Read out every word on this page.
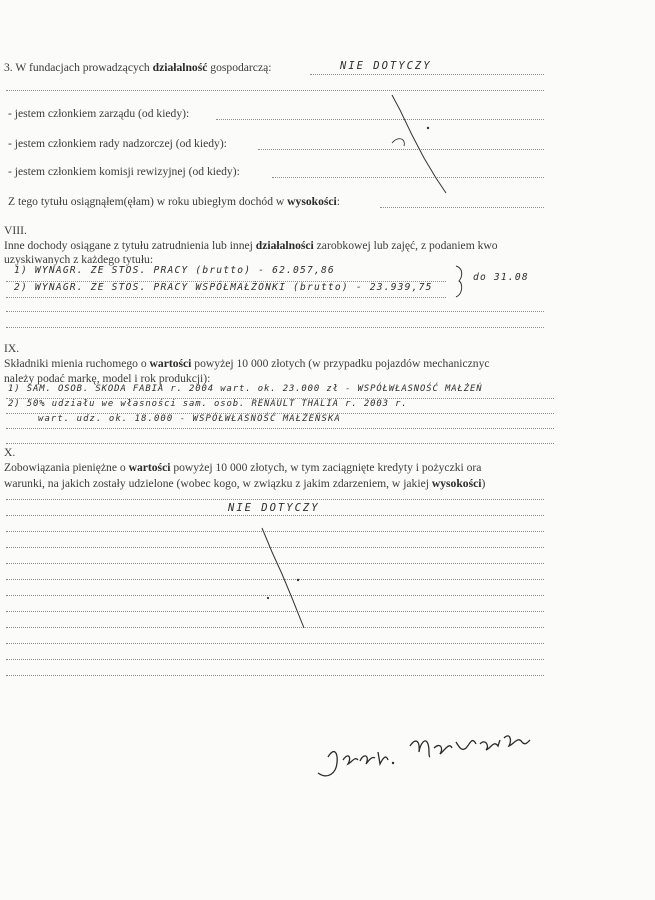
3. W fundacjach prowadzących działalność gospodarczą:	NIE DOTYCZY
- jestem członkiem zarządu (od kiedy):
- jestem członkiem rady nadzorczej (od kiedy):
- jestem członkiem komisji rewizyjnej (od kiedy):
Z tego tytułu osiągnąłem(ęłam) w roku ubiegłym dochód w wysokości:
VIII.
Inne dochody osiągane z tytułu zatrudnienia lub innej działalności zarobkowej lub zajęć, z podaniem kwo
uzyskiwanych z każdego tytułu:
1) WYNAGR. ZE STOS. PRACY (brutto) - 62.057,86
2) WYNAGR. ZE STOS. PRACY WSPÓŁMAŁŻONKI (brutto) - 23.939,75
do 31.08
IX.
Składniki mienia ruchomego o wartości powyżej 10 000 złotych (w przypadku pojazdów mechanicznyc
należy podać markę, model i rok produkcji):
1) SAM. OSOB. SKODA FABIA r. 2004 wart. ok. 23.000 zł - WSPÓŁWŁASNOŚĆ MAŁŻEŃ
2) 50% udziału we własności sam. osob. RENAULT THALIA r. 2003 r.
wart. udz. ok. 18.000 - WSPÓŁWŁASNOŚĆ MAŁŻEŃSKA
X.
Zobowiązania pieniężne o wartości powyżej 10 000 złotych, w tym zaciągnięte kredyty i pożyczki ora
warunki, na jakich zostały udzielone (wobec kogo, w związku z jakim zdarzeniem, w jakiej wysokości)
NIE DOTYCZY
